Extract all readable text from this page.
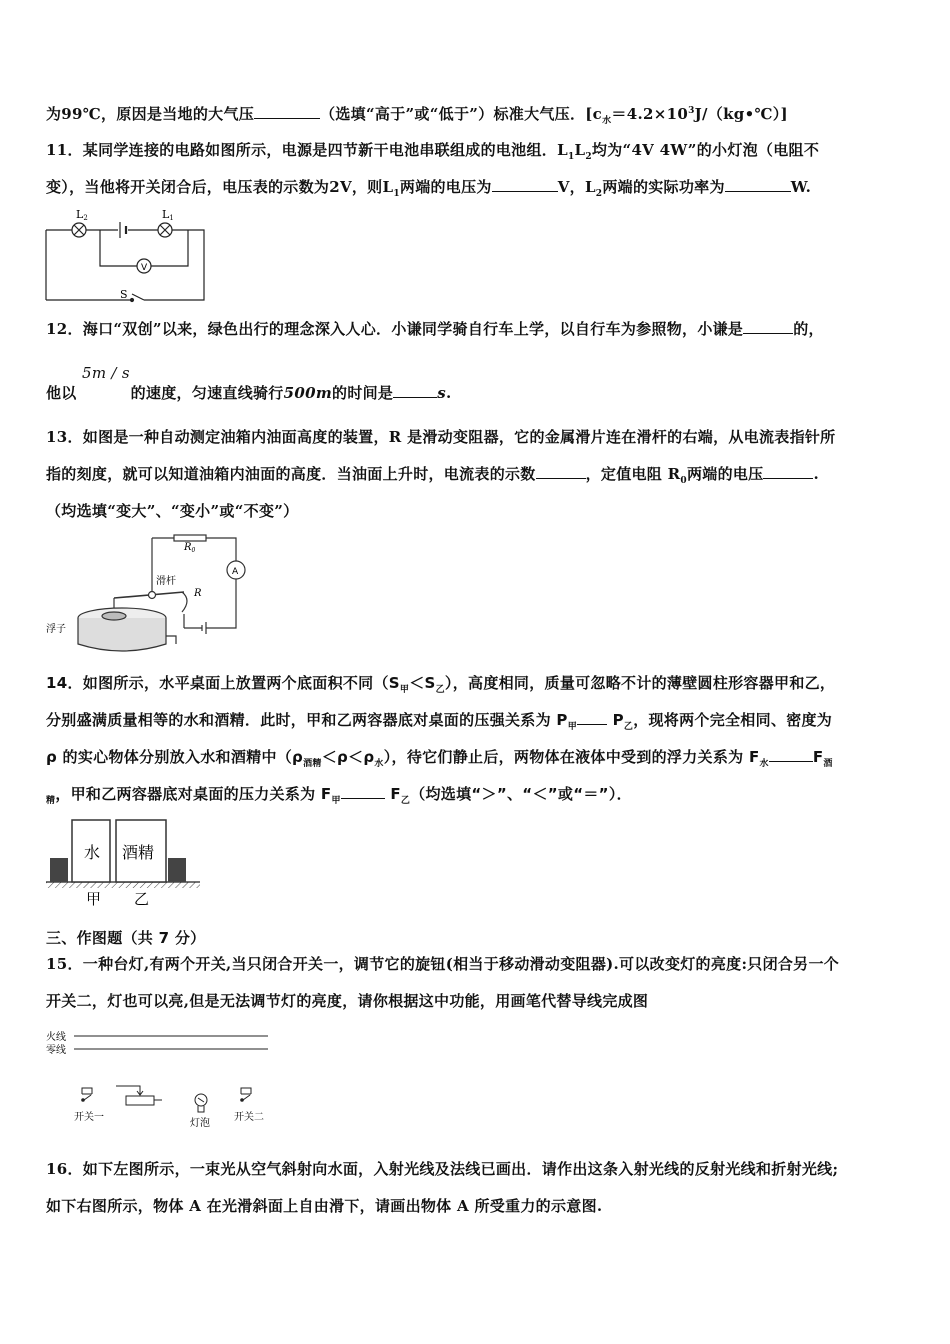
为99℃，原因是当地的大气压	（选填“高于”或“低于”）标准大气压．$[c_水=4.2\times 10^3J/(kg•℃)]$
11．某同学连接的电路如图所示，电源是四节新干电池串联组成的电池组．$L_1L_2$均为“4V 4W”的小灯泡（电阻不
变），当他将开关闭合后，电压表的示数为2V，则$L_1$两端的电压为	V，$L_2$两端的实际功率为	W.
L2	L1
V
S
12．海口“双创”以来，绿色出行的理念深入人心．小谦同学骑自行车上学，以自行车为参照物，小谦是	的，
5m / s
他以	的速度，匀速直线骑行500m的时间是	s.
13．如图是一种自动测定油箱内油面高度的装置，R 是滑动变阻器，它的金属滑片连在滑杆的右端，从电流表指针所
指的刻度，就可以知道油箱内油面的高度．当油面上升时，电流表的示数	，定值电阻 $R_0$两端的电压	.
（均选填“变大”、“变小”或“不变”）
$R_0$
A
滑杆
R
浮子
14．如图所示，水平桌面上放置两个底面积不同$(S_甲<S_乙)$，高度相同，质量可忽略不计的薄壁圆柱形容器甲和乙，
分别盛满质量相等的水和酒精．此时，甲和乙两容器底对桌面的压强关系为 $P_甲$ $P_乙$，现将两个完全相同、密度为
ρ 的实心物体分别放入水和酒精中$(\rho_{酒精}<\rho<\rho_水)$，待它们静止后，两物体在液体中受到的浮力关系为 $F_水$	$F_酒$
$_精$，甲和乙两容器底对桌面的压力关系为 $F_甲$	$F_乙$（均选填“＞”、“＜”或“＝”）．
水 酒精
甲 乙
三、作图题（共 7 分）
15．一种台灯,有两个开关,当只闭合开关一，调节它的旋钮(相当于移动滑动变阻器).可以改变灯的亮度:只闭合另一个
开关二，灯也可以亮,但是无法调节灯的亮度，请你根据这中功能，用画笔代替导线完成图
火线
零线
开关一
灯泡
开关二
16．如下左图所示，一束光从空气斜射向水面，入射光线及法线已画出．请作出这条入射光线的反射光线和折射光线;
如下右图所示，物体 A 在光滑斜面上自由滑下，请画出物体 A 所受重力的示意图.
